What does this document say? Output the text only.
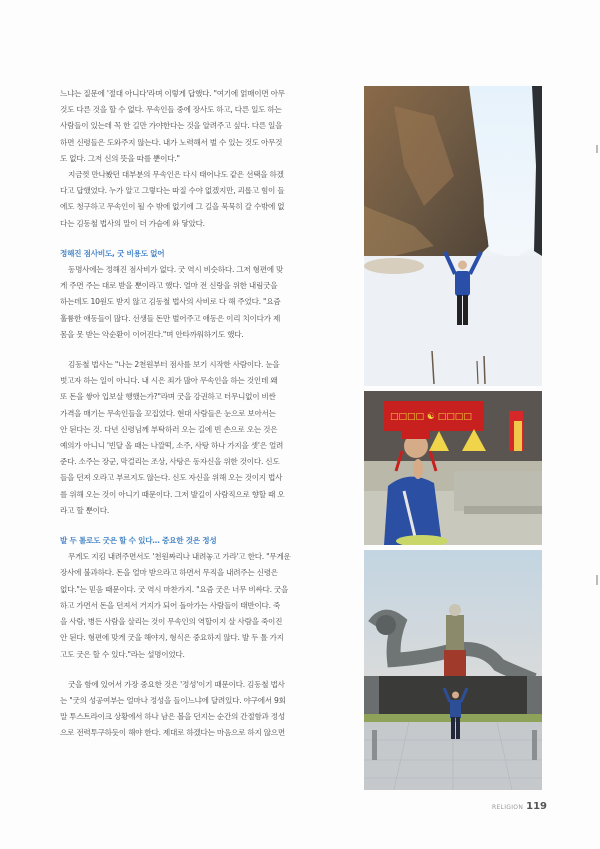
느냐는 질문에 '절대 아니다'라며 이렇게 답했다. "여기에 얽매이면 아무

것도 다른 것을 할 수 없다. 무속인들 중에 장사도 하고, 다른 일도 하는

사람들이 있는데 꼭 한 길만 가야한다는 것을 알려주고 싶다. 다른 일을

하면 신령들은 도와주지 않는다. 내가 노력해서 벌 수 있는 것도 아무것

도 없다. 그저 신의 뜻을 따를 뿐이다."

지금껏 만나봤던 대부분의 무속인은 다시 태어나도 같은 선택을 하겠

다고 답했었다. 누가 알고 그렇다는 따질 수야 없겠지만, 괴롭고 힘이 들

에도 청구하고 무속인이 될 수 밖에 없기에 그 길을 묵묵히 갈 수밖에 없

다는 김동철 법사의 말이 더 가슴에 와 닿았다.

정해진 점사비도, 굿 비용도 없어

동명사에는 정해진 점사비가 없다. 굿 역시 비슷하다. 그저 형편에 맞

게 주면 주는 대로 받을 뿐이라고 했다. 얼마 전 신랑을 위한 내림굿을

하는데도 10원도 받지 않고 김동철 법사의 사비로 다 해 주었다. "요즘

훌륭한 애동들이 많다. 선생들 돈만 벌어주고 애동은 이리 치이다가 제

몸을 못 받는 악순환이 이어진다."며 안타까워하기도 했다.

김동철 법사는 "나는 2천원부터 점사를 보기 시작한 사람이다. 눈을

벗고자 하는 일이 아니다. 내 시은 죄가 많아 무속인을 하는 것인데 왜

또 돈을 쌓아 입보살 행했는가?"라며 굿을 강권하고 터무니없이 비싼

가격을 매기는 무속인들을 꼬집었다. 현대 사람들은 눈으로 보아서는

안 된다는 것. 다년 신령님께 부탁하러 오는 길에 빈 손으로 오는 것은

예의가 아니니 '빈달 올 때는 나깔떡, 소주, 사탕 하나 가지을 셋'은 얼려

준다. 소주는 장군, 막걸리는 조상, 사탕은 동자신을 위한 것이다. 신도

들을 던져 오라고 부르지도 않는다. 신도 자신을 위해 오는 것이지 법사

를 위해 오는 것이 아니기 때문이다. 그저 발길이 사람직으로 향할 때 오

라고 할 뿐이다.

발 두 톨로도 굿은 할 수 있다… 중요한 것은 정성

무게도 지킴 내려주면서도 '천원짜리나 내려놓고 가라'고 한다. "무게운

장사에 불과하다. 돈을 얼마 받으라고 하면서 무직을 내려주는 신령은

없다."는 믿음 때문이다. 굿 역시 마찬가지. "요즘 굿은 너무 비싸다. 굿을

하고 가면서 돈을 던져서 거지가 되어 돌아가는 사람들이 태반이다. 죽

을 사람, 병든 사람을 살리는 것이 무속인의 역할이지 살 사람을 죽이진

안 된다. 형편에 맞게 굿을 해야지, 형식은 중요하지 않다. 발 두 톨 가지

고도 굿은 할 수 있다."라는 설명이었다.

굿을 함에 있어서 가장 중요한 것은 '정성'이기 때문이다. 김동철 법사

는 "굿의 성공여부는 얼마나 정성을 들이느냐에 달려있다. 야구에서 9회

말 투스트라이크 상황에서 하나 남은 볼을 던지는 순간의 간절함과 정성

으로 전력투구하듯이 해야 한다. 제대로 하겠다는 마음으로 하지 않으면

□□□□ ☯ □□□□
RELIGION 119
